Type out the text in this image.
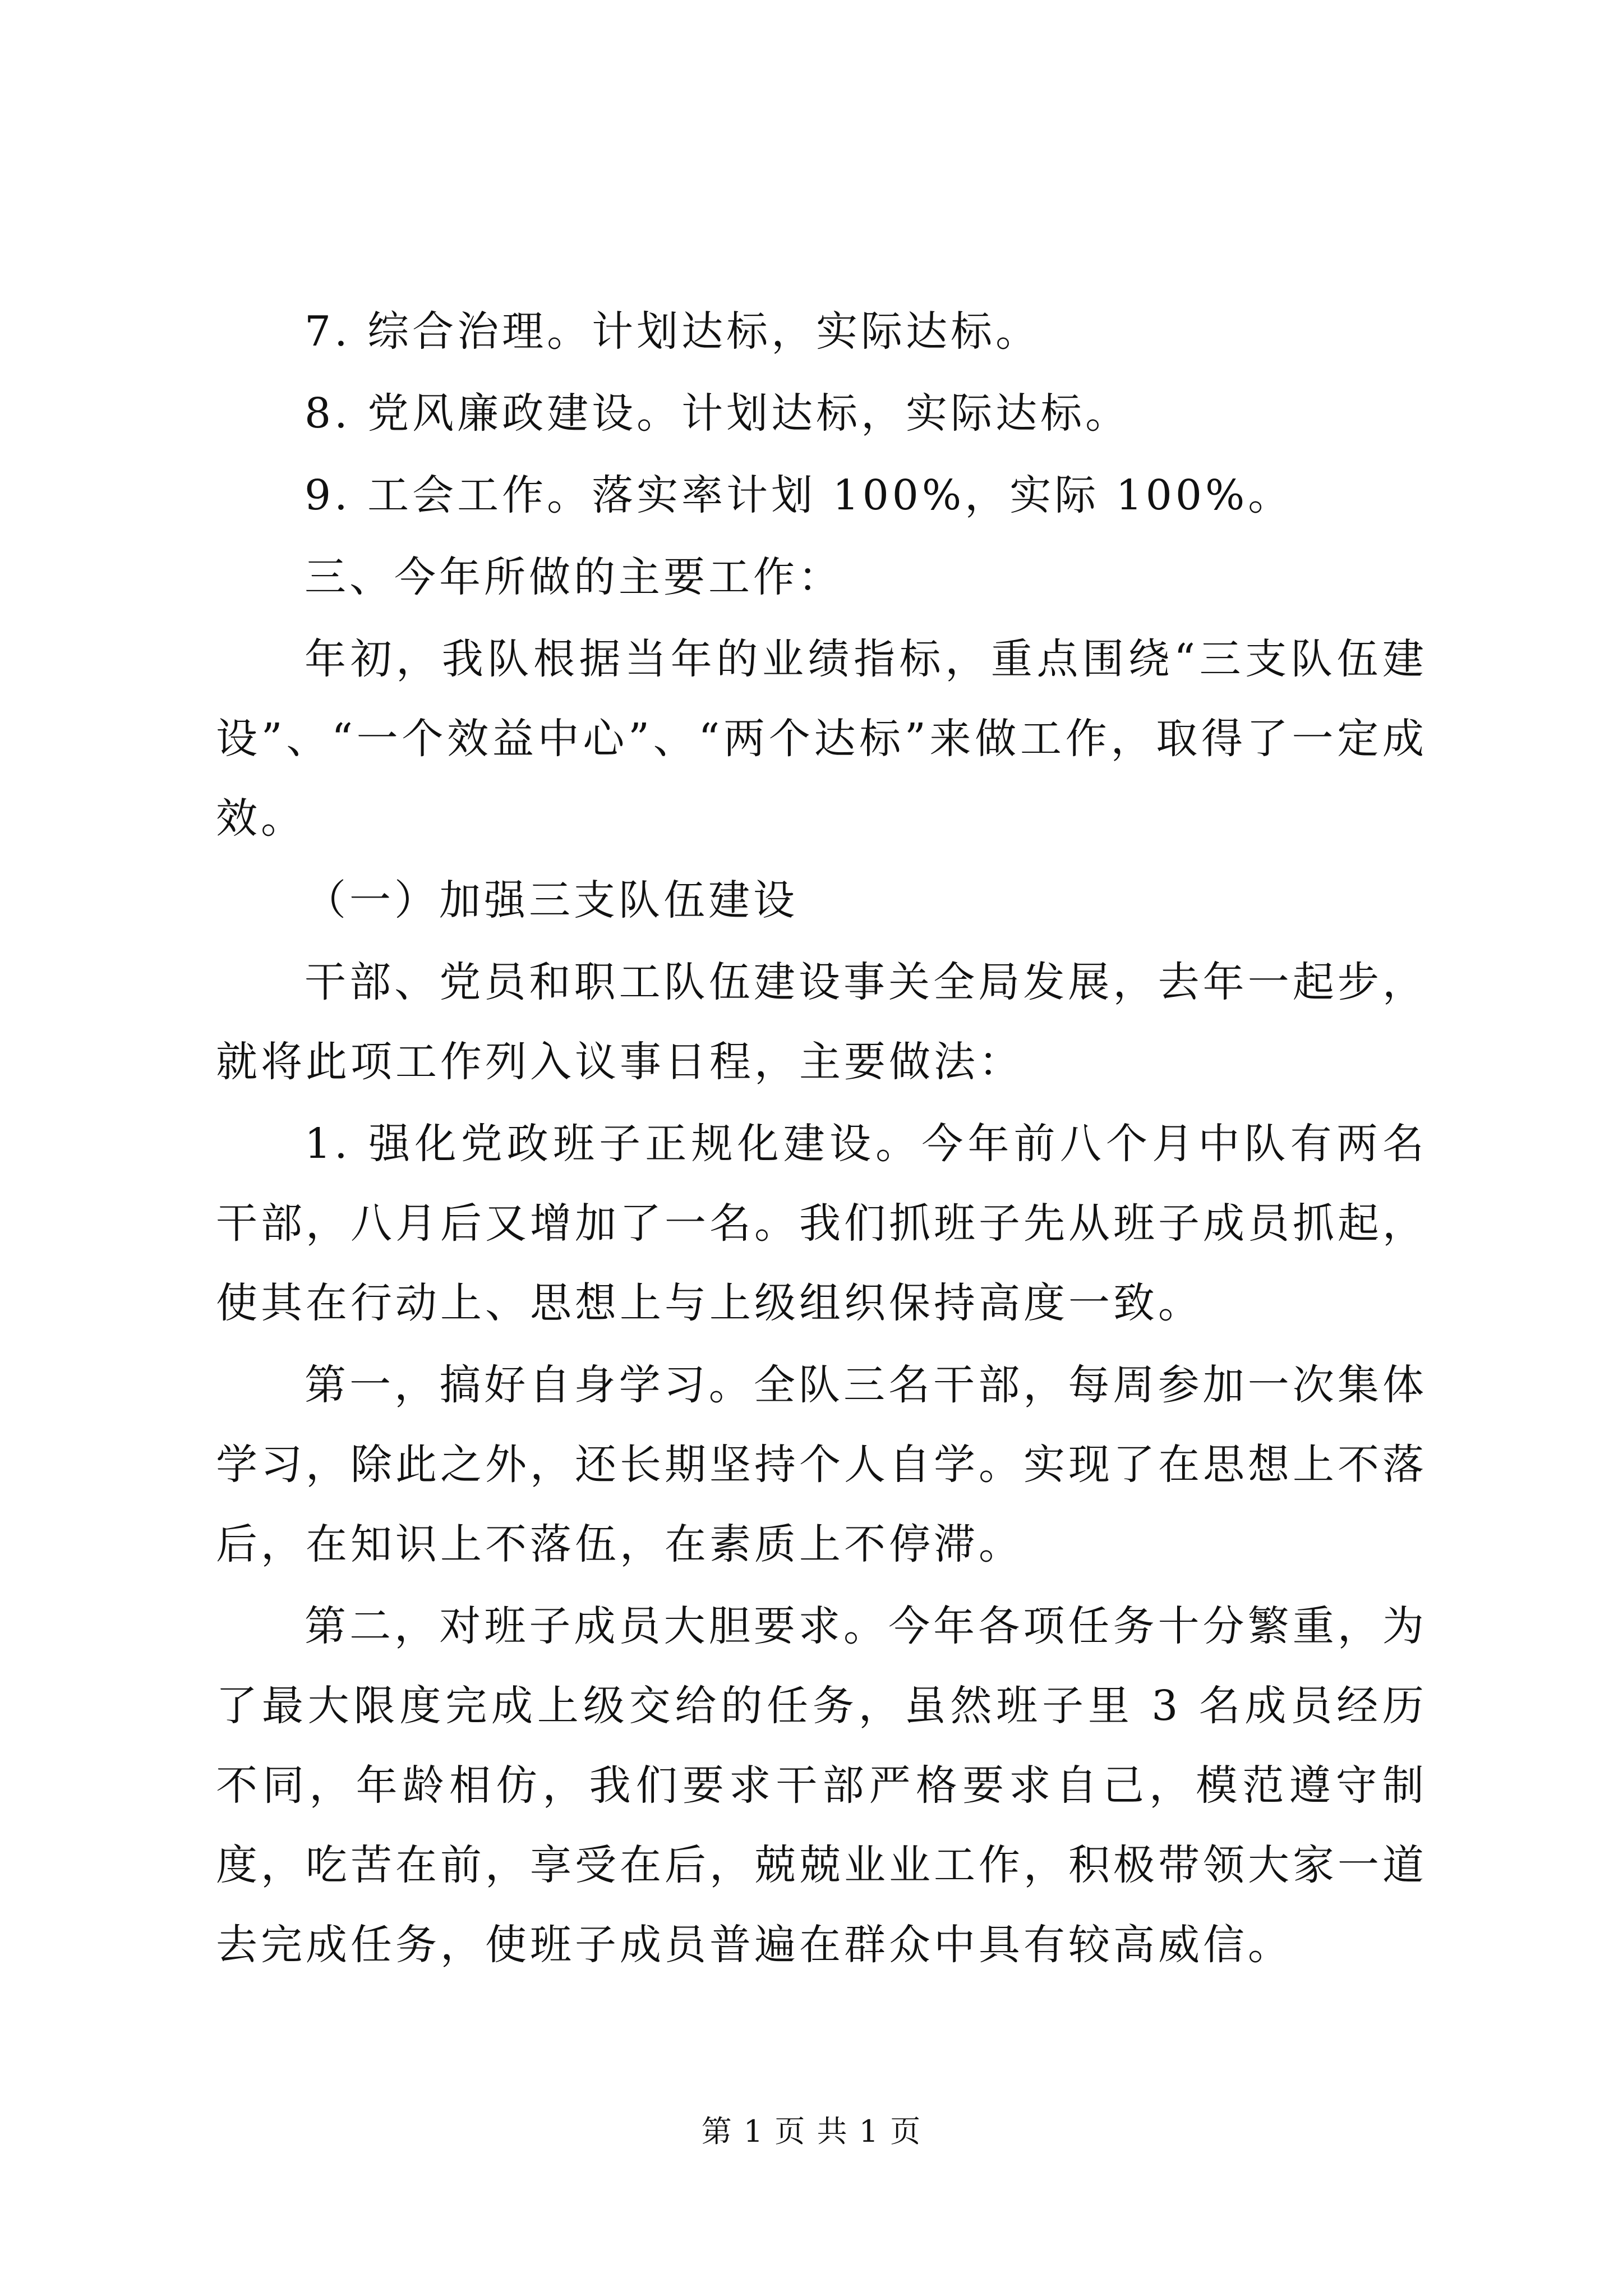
7. 综合治理。计划达标，实际达标。

8. 党风廉政建设。计划达标，实际达标。

9. 工会工作。落实率计划 100%，实际 100%。

三、今年所做的主要工作：

年初，我队根据当年的业绩指标，重点围绕“三支队伍建设”、“一个效益中心”、“两个达标”来做工作，取得了一定成效。

（一）加强三支队伍建设

干部、党员和职工队伍建设事关全局发展，去年一起步，就将此项工作列入议事日程，主要做法：

1. 强化党政班子正规化建设。今年前八个月中队有两名干部，八月后又增加了一名。我们抓班子先从班子成员抓起，使其在行动上、思想上与上级组织保持高度一致。

第一，搞好自身学习。全队三名干部，每周参加一次集体学习，除此之外，还长期坚持个人自学。实现了在思想上不落后，在知识上不落伍，在素质上不停滞。

第二，对班子成员大胆要求。今年各项任务十分繁重，为了最大限度完成上级交给的任务，虽然班子里 3 名成员经历不同，年龄相仿，我们要求干部严格要求自己，模范遵守制度，吃苦在前，享受在后，兢兢业业工作，积极带领大家一道去完成任务，使班子成员普遍在群众中具有较高威信。

第 1 页 共 1 页
